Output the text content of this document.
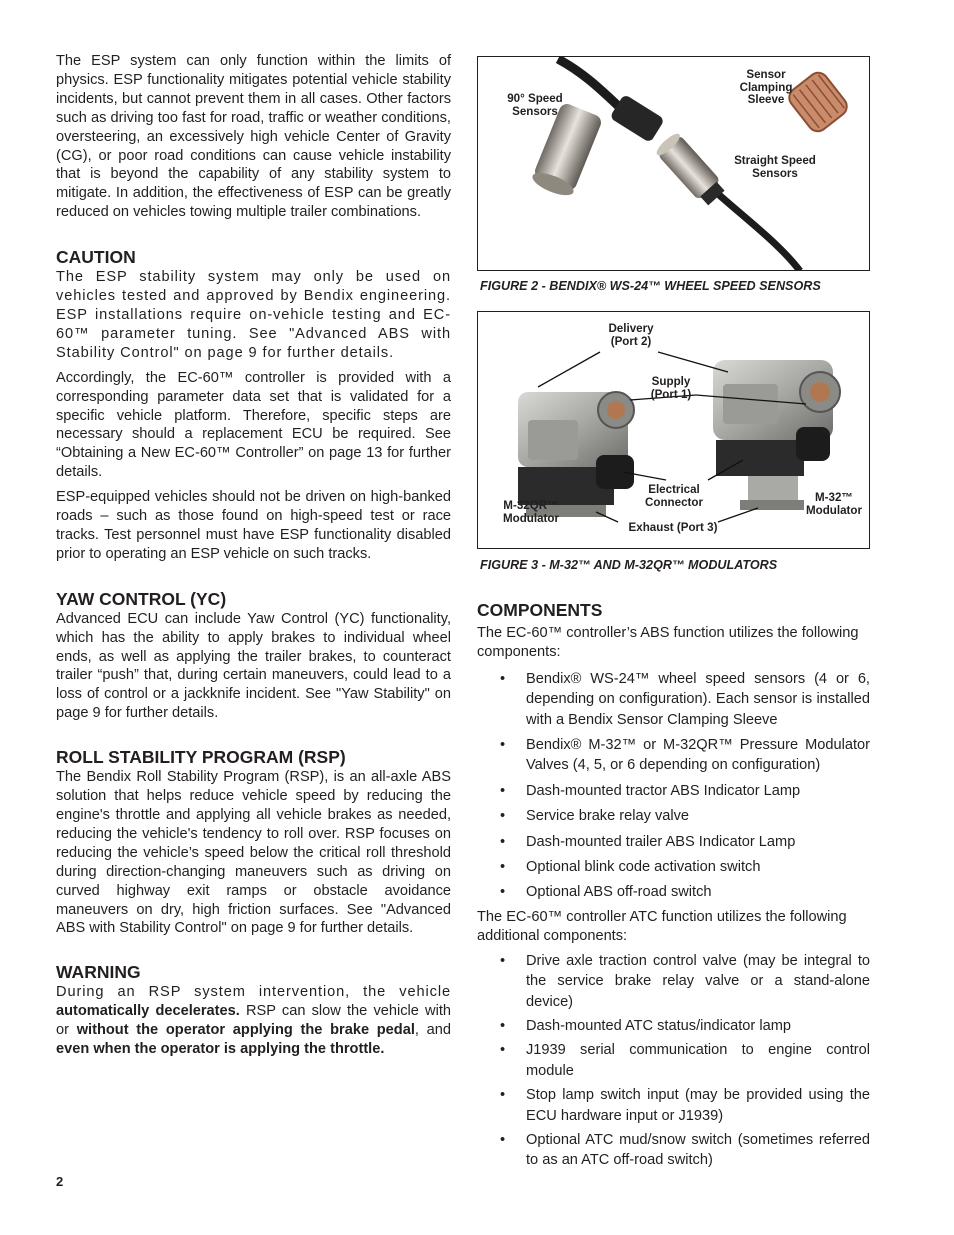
The ESP system can only function within the limits of physics. ESP functionality mitigates potential vehicle stability incidents, but cannot prevent them in all cases. Other factors such as driving too fast for road, traffic or weather conditions, oversteering, an excessively high vehicle Center of Gravity (CG), or poor road conditions can cause vehicle instability that is beyond the capability of any stability system to mitigate. In addition, the effectiveness of ESP can be greatly reduced on vehicles towing multiple trailer combinations.

CAUTION

The ESP stability system may only be used on vehicles tested and approved by Bendix engineering. ESP installations require on-vehicle testing and EC-60™ parameter tuning. See "Advanced ABS with Stability Control" on page 9 for further details.

Accordingly, the EC-60™ controller is provided with a corresponding parameter data set that is validated for a specific vehicle platform. Therefore, specific steps are necessary should a replacement ECU be required. See “Obtaining a New EC-60™ Controller” on page 13 for further details.

ESP-equipped vehicles should not be driven on high-banked roads – such as those found on high-speed test or race tracks. Test personnel must have ESP functionality disabled prior to operating an ESP vehicle on such tracks.

YAW CONTROL (YC)

Advanced ECU can include Yaw Control (YC) functionality, which has the ability to apply brakes to individual wheel ends, as well as applying the trailer brakes, to counteract trailer “push” that, during certain maneuvers, could lead to a loss of control or a jackknife incident. See "Yaw Stability" on page 9 for further details.

ROLL STABILITY PROGRAM (RSP)

The Bendix Roll Stability Program (RSP), is an all-axle ABS solution that helps reduce vehicle speed by reducing the engine's throttle and applying all vehicle brakes as needed, reducing the vehicle's tendency to roll over. RSP focuses on reducing the vehicle’s speed below the critical roll threshold during direction-changing maneuvers such as driving on curved highway exit ramps or obstacle avoidance maneuvers on dry, high friction surfaces. See "Advanced ABS with Stability Control" on page 9 for further details.

WARNING

During an RSP system intervention, the vehicle automatically decelerates. RSP can slow the vehicle with or without the operator applying the brake pedal, and even when the operator is applying the throttle.

90° Speed
Sensors
Sensor
Clamping
Sleeve
Straight Speed
Sensors
FIGURE 2 - BENDIX® WS-24™ WHEEL SPEED SENSORS
Delivery
(Port 2)
Supply
(Port 1)
Electrical
Connector
M-32QR™
Modulator
M-32™
Modulator
Exhaust (Port 3)
FIGURE 3 - M-32™ AND M-32QR™ MODULATORS
COMPONENTS

The EC-60™ controller’s ABS function utilizes the following components:

• Bendix® WS-24™ wheel speed sensors (4 or 6, depending on configuration). Each sensor is installed with a Bendix Sensor Clamping Sleeve
• Bendix® M-32™ or M-32QR™ Pressure Modulator Valves (4, 5, or 6 depending on configuration)
• Dash-mounted tractor ABS Indicator Lamp
• Service brake relay valve
• Dash-mounted trailer ABS Indicator Lamp
• Optional blink code activation switch
• Optional ABS off-road switch

The EC-60™ controller ATC function utilizes the following additional components:

• Drive axle traction control valve (may be integral to the service brake relay valve or a stand-alone device)
• Dash-mounted ATC status/indicator lamp
• J1939 serial communication to engine control module
• Stop lamp switch input (may be provided using the ECU hardware input or J1939)
• Optional ATC mud/snow switch (sometimes referred to as an ATC off-road switch)
2
